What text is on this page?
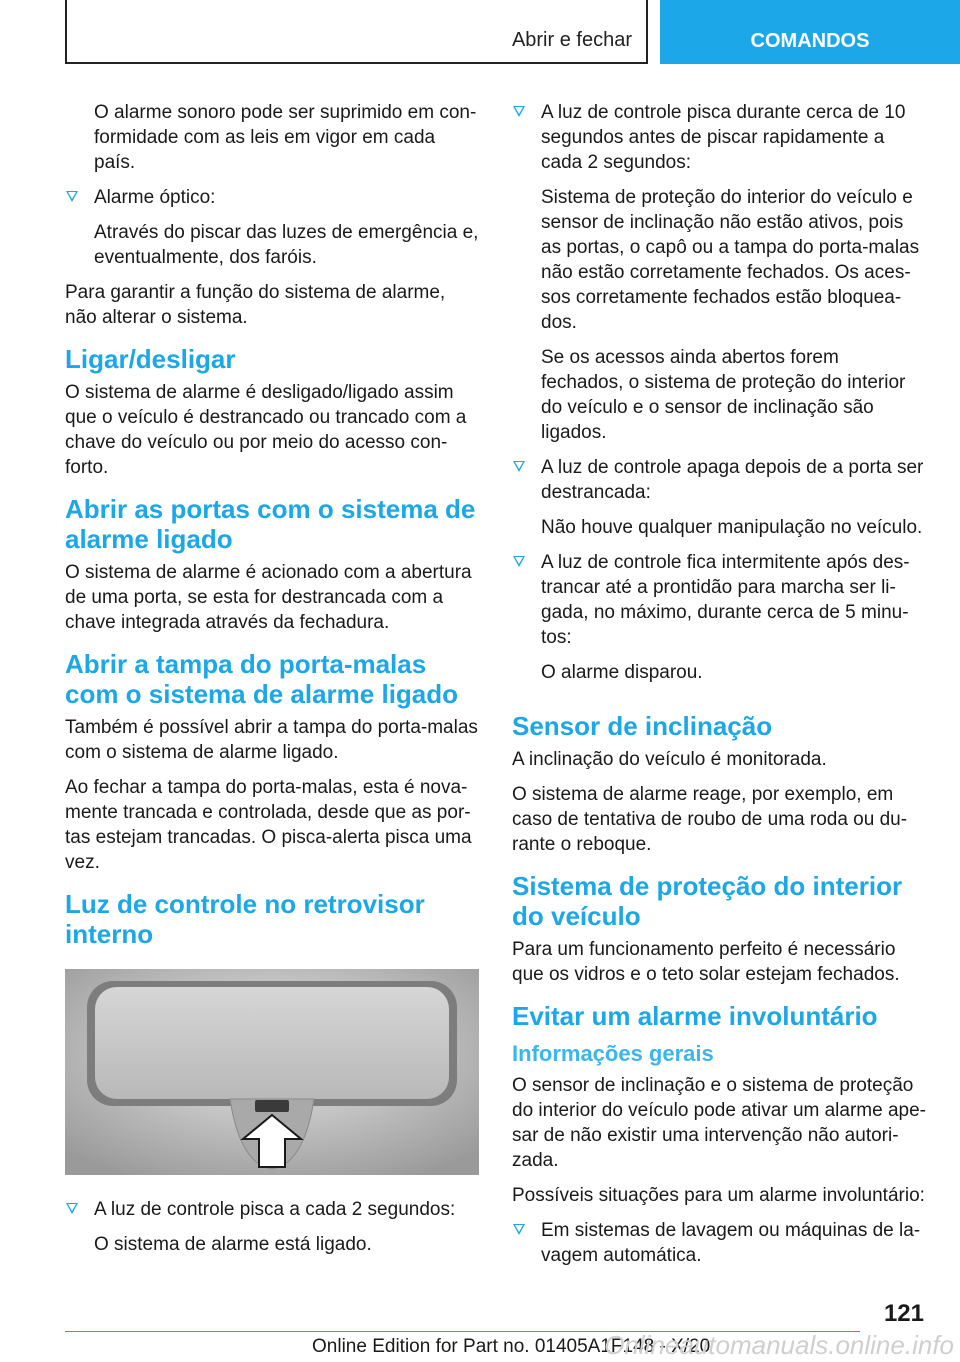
Abrir e fechar	COMANDOS

O alarme sonoro pode ser suprimido em con-formidade com as leis em vigor em cada país.

Alarme óptico:

Através do piscar das luzes de emergência e, eventualmente, dos faróis.

Para garantir a função do sistema de alarme, não alterar o sistema.

Ligar/desligar

O sistema de alarme é desligado/ligado assim que o veículo é destrancado ou trancado com a chave do veículo ou por meio do acesso con-forto.

Abrir as portas com o sistema de alarme ligado

O sistema de alarme é acionado com a abertura de uma porta, se esta for destrancada com a chave integrada através da fechadura.

Abrir a tampa do porta-malas com o sistema de alarme ligado

Também é possível abrir a tampa do porta-malas com o sistema de alarme ligado.

Ao fechar a tampa do porta-malas, esta é nova-mente trancada e controlada, desde que as por-tas estejam trancadas. O pisca-alerta pisca uma vez.

Luz de controle no retrovisor interno

A luz de controle pisca a cada 2 segundos:

O sistema de alarme está ligado.

A luz de controle pisca durante cerca de 10 segundos antes de piscar rapidamente a cada 2 segundos:

Sistema de proteção do interior do veículo e sensor de inclinação não estão ativos, pois as portas, o capô ou a tampa do porta-malas não estão corretamente fechados. Os aces-sos corretamente fechados estão bloquea-dos.

Se os acessos ainda abertos forem fechados, o sistema de proteção do interior do veículo e o sensor de inclinação são ligados.

A luz de controle apaga depois de a porta ser destrancada:

Não houve qualquer manipulação no veículo.

A luz de controle fica intermitente após des-trancar até a prontidão para marcha ser li-gada, no máximo, durante cerca de 5 minu-tos:

O alarme disparou.

Sensor de inclinação

A inclinação do veículo é monitorada.

O sistema de alarme reage, por exemplo, em caso de tentativa de roubo de uma roda ou du-rante o reboque.

Sistema de proteção do interior do veículo

Para um funcionamento perfeito é necessário que os vidros e o teto solar estejam fechados.

Evitar um alarme involuntário
Informações gerais

O sensor de inclinação e o sistema de proteção do interior do veículo pode ativar um alarme ape-sar de não existir uma intervenção não autori-zada.

Possíveis situações para um alarme involuntário:

Em sistemas de lavagem ou máquinas de la-vagem automática.

121
Online Edition for Part no. 01405A1F148 - X/20
Onlineautomanuals.online.info
